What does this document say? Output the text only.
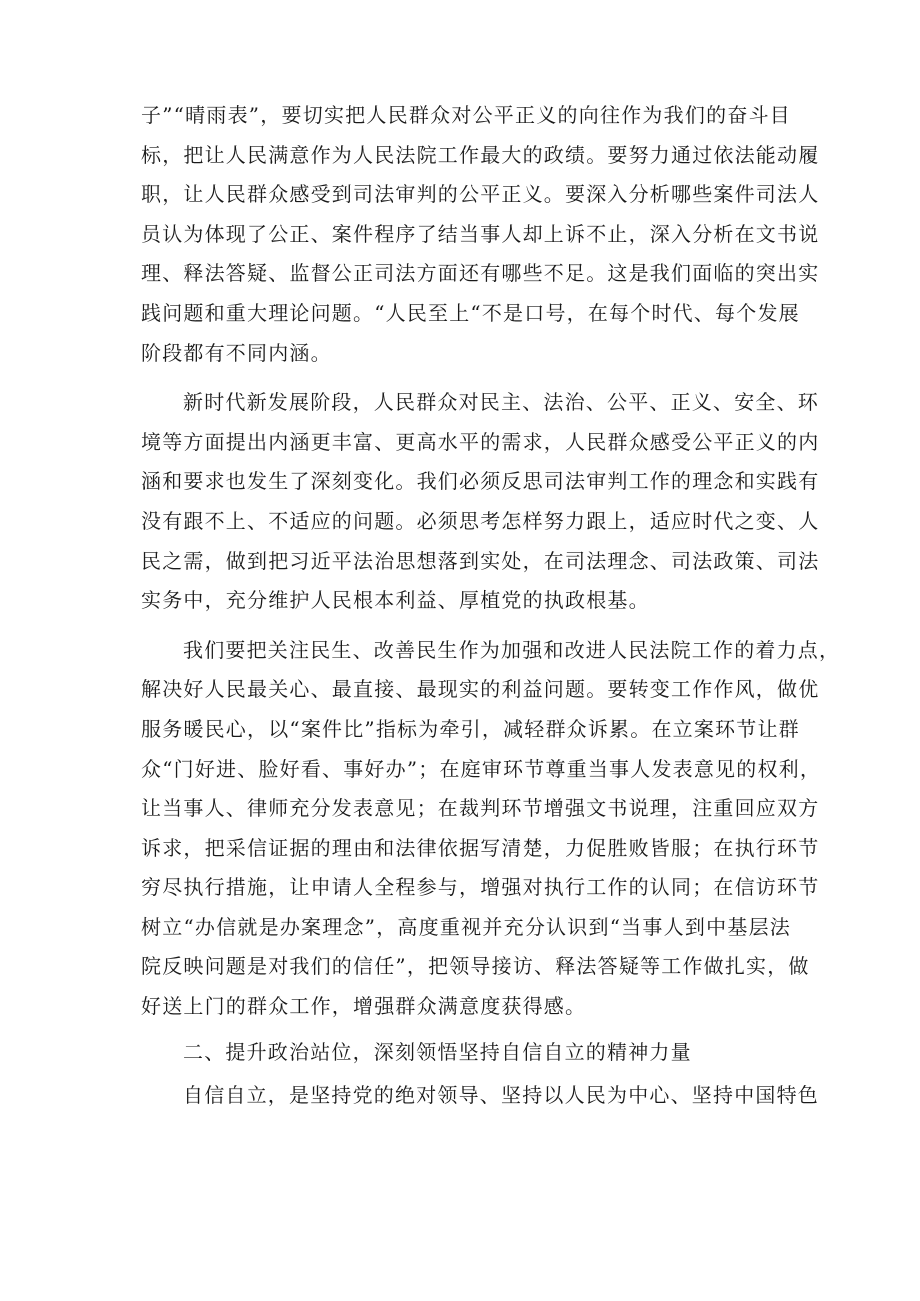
子”“晴雨表”，要切实把人民群众对公平正义的向往作为我们的奋斗目
标，把让人民满意作为人民法院工作最大的政绩。要努力通过依法能动履
职，让人民群众感受到司法审判的公平正义。要深入分析哪些案件司法人
员认为体现了公正、案件程序了结当事人却上诉不止，深入分析在文书说
理、释法答疑、监督公正司法方面还有哪些不足。这是我们面临的突出实
践问题和重大理论问题。“人民至上“不是口号，在每个时代、每个发展
阶段都有不同内涵。
新时代新发展阶段，人民群众对民主、法治、公平、正义、安全、环
境等方面提出内涵更丰富、更高水平的需求，人民群众感受公平正义的内
涵和要求也发生了深刻变化。我们必须反思司法审判工作的理念和实践有
没有跟不上、不适应的问题。必须思考怎样努力跟上，适应时代之变、人
民之需，做到把习近平法治思想落到实处，在司法理念、司法政策、司法
实务中，充分维护人民根本利益、厚植党的执政根基。
我们要把关注民生、改善民生作为加强和改进人民法院工作的着力点，
解决好人民最关心、最直接、最现实的利益问题。要转变工作作风，做优
服务暖民心，以“案件比”指标为牵引，减轻群众诉累。在立案环节让群
众“门好进、脸好看、事好办”；在庭审环节尊重当事人发表意见的权利，
让当事人、律师充分发表意见；在裁判环节增强文书说理，注重回应双方
诉求，把采信证据的理由和法律依据写清楚，力促胜败皆服；在执行环节
穷尽执行措施，让申请人全程参与，增强对执行工作的认同；在信访环节
树立“办信就是办案理念”，高度重视并充分认识到“当事人到中基层法
院反映问题是对我们的信任”，把领导接访、释法答疑等工作做扎实，做
好送上门的群众工作，增强群众满意度获得感。
二、提升政治站位，深刻领悟坚持自信自立的精神力量
自信自立，是坚持党的绝对领导、坚持以人民为中心、坚持中国特色
